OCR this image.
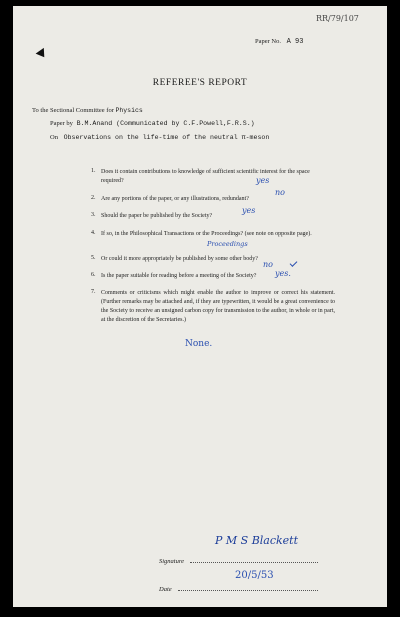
RR/79/107
Paper No. A 93
REFEREE'S REPORT
To the Sectional Committee for Physics
Paper by B.M.Anand (Communicated by C.F.Powell,F.R.S.)
On Observations on the life-time of the neutral π-meson
1. Does it contain contributions to knowledge of sufficient scientific interest for the space required?	yes
2. Are any portions of the paper, or any illustrations, redundant?
no
3. Should the paper be published by the Society?
yes
4. If so, in the Philosophical Transactions or the Proceedings? (see note on opposite page).
Proceedings
5. Or could it more appropriately be published by some other body?
no
6. Is the paper suitable for reading before a meeting of the Society? yes.
7. Comments or criticisms which might enable the author to improve or correct his statement. (Further remarks may be attached and, if they are typewritten, it would be a great convenience to the Society to receive an unsigned carbon copy for transmission to the author, in whole or in part, at the discretion of the Secretaries.)
None.
Signature
P M S Blackett
Date
20/5/53
